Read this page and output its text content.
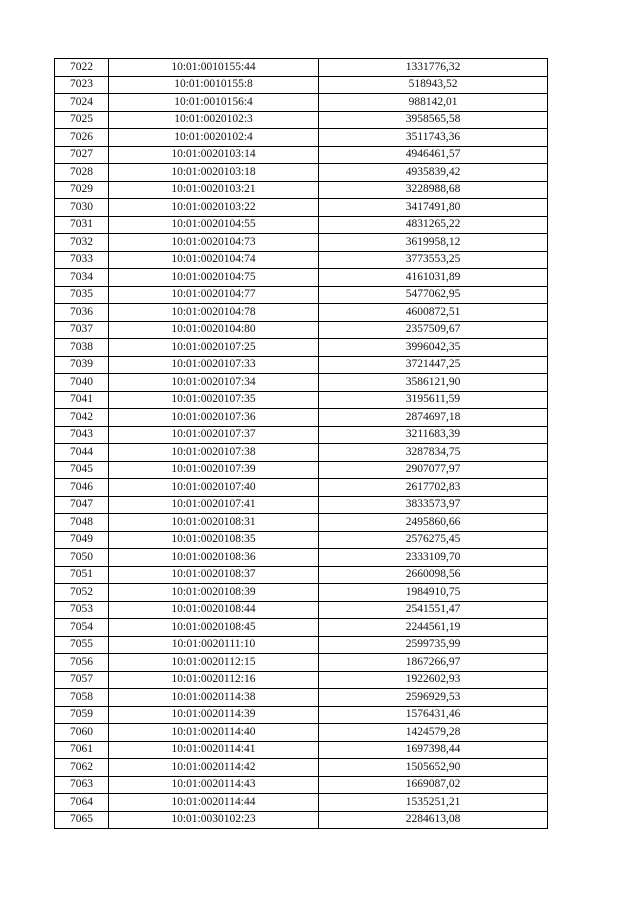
7022	10:01:0010155:44	1331776,32
7023	10:01:0010155:8	518943,52
7024	10:01:0010156:4	988142,01
7025	10:01:0020102:3	3958565,58
7026	10:01:0020102:4	3511743,36
7027	10:01:0020103:14	4946461,57
7028	10:01:0020103:18	4935839,42
7029	10:01:0020103:21	3228988,68
7030	10:01:0020103:22	3417491,80
7031	10:01:0020104:55	4831265,22
7032	10:01:0020104:73	3619958,12
7033	10:01:0020104:74	3773553,25
7034	10:01:0020104:75	4161031,89
7035	10:01:0020104:77	5477062,95
7036	10:01:0020104:78	4600872,51
7037	10:01:0020104:80	2357509,67
7038	10:01:0020107:25	3996042,35
7039	10:01:0020107:33	3721447,25
7040	10:01:0020107:34	3586121,90
7041	10:01:0020107:35	3195611,59
7042	10:01:0020107:36	2874697,18
7043	10:01:0020107:37	3211683,39
7044	10:01:0020107:38	3287834,75
7045	10:01:0020107:39	2907077,97
7046	10:01:0020107:40	2617702,83
7047	10:01:0020107:41	3833573,97
7048	10:01:0020108:31	2495860,66
7049	10:01:0020108:35	2576275,45
7050	10:01:0020108:36	2333109,70
7051	10:01:0020108:37	2660098,56
7052	10:01:0020108:39	1984910,75
7053	10:01:0020108:44	2541551,47
7054	10:01:0020108:45	2244561,19
7055	10:01:0020111:10	2599735,99
7056	10:01:0020112:15	1867266,97
7057	10:01:0020112:16	1922602,93
7058	10:01:0020114:38	2596929,53
7059	10:01:0020114:39	1576431,46
7060	10:01:0020114:40	1424579,28
7061	10:01:0020114:41	1697398,44
7062	10:01:0020114:42	1505652,90
7063	10:01:0020114:43	1669087,02
7064	10:01:0020114:44	1535251,21
7065	10:01:0030102:23	2284613,08
